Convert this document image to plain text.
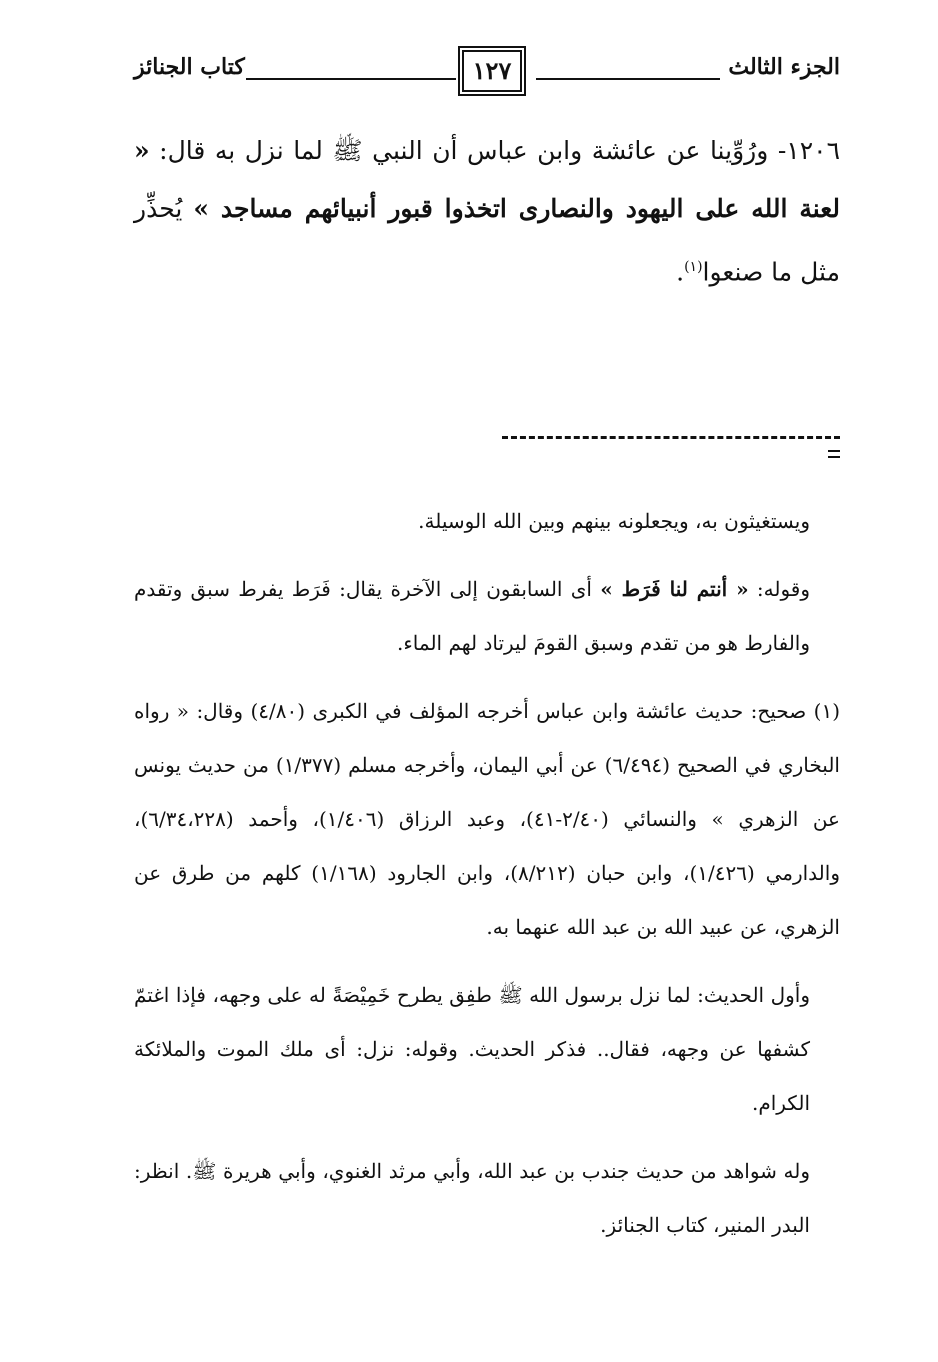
الجزء الثالث
١٢٧
كتاب الجنائز
١٢٠٦- ورُوِّينا عن عائشة وابن عباس أن النبي ﷺ لما نزل به قال: « لعنة الله على اليهود والنصارى اتخذوا قبور أنبيائهم مساجد » يُحذِّر مثل ما صنعوا$^{(١)}$.

ويستغيثون به، ويجعلونه بينهم وبين الله الوسيلة.

وقوله: « أنتم لنا فَرَط » أى السابقون إلى الآخرة يقال: فَرَط يفرط سبق وتقدم والفارط هو من تقدم وسبق القومَ ليرتاد لهم الماء.

(١) صحيح: حديث عائشة وابن عباس أخرجه المؤلف في الكبرى (٤/٨٠) وقال: « رواه البخاري في الصحيح (٦/٤٩٤) عن أبي اليمان، وأخرجه مسلم (١/٣٧٧) من حديث يونس عن الزهري » والنسائي (٢/٤٠-٤١)، وعبد الرزاق (١/٤٠٦)، وأحمد (٦/٣٤،٢٢٨)، والدارمي (١/٤٢٦)، وابن حبان (٨/٢١٢)، وابن الجارود (١/١٦٨) كلهم من طرق عن الزهري، عن عبيد الله بن عبد الله عنهما به.

وأول الحديث: لما نزل برسول الله ﷺ طفِق يطرح خَمِيْصَةً له على وجهه، فإذا اغتمّ كشفها عن وجهه، فقال.. فذكر الحديث. وقوله: نزل: أى ملك الموت والملائكة الكرام.

وله شواهد من حديث جندب بن عبد الله، وأبي مرثد الغنوي، وأبي هريرة ﷺ. انظر: البدر المنير، كتاب الجنائز.
